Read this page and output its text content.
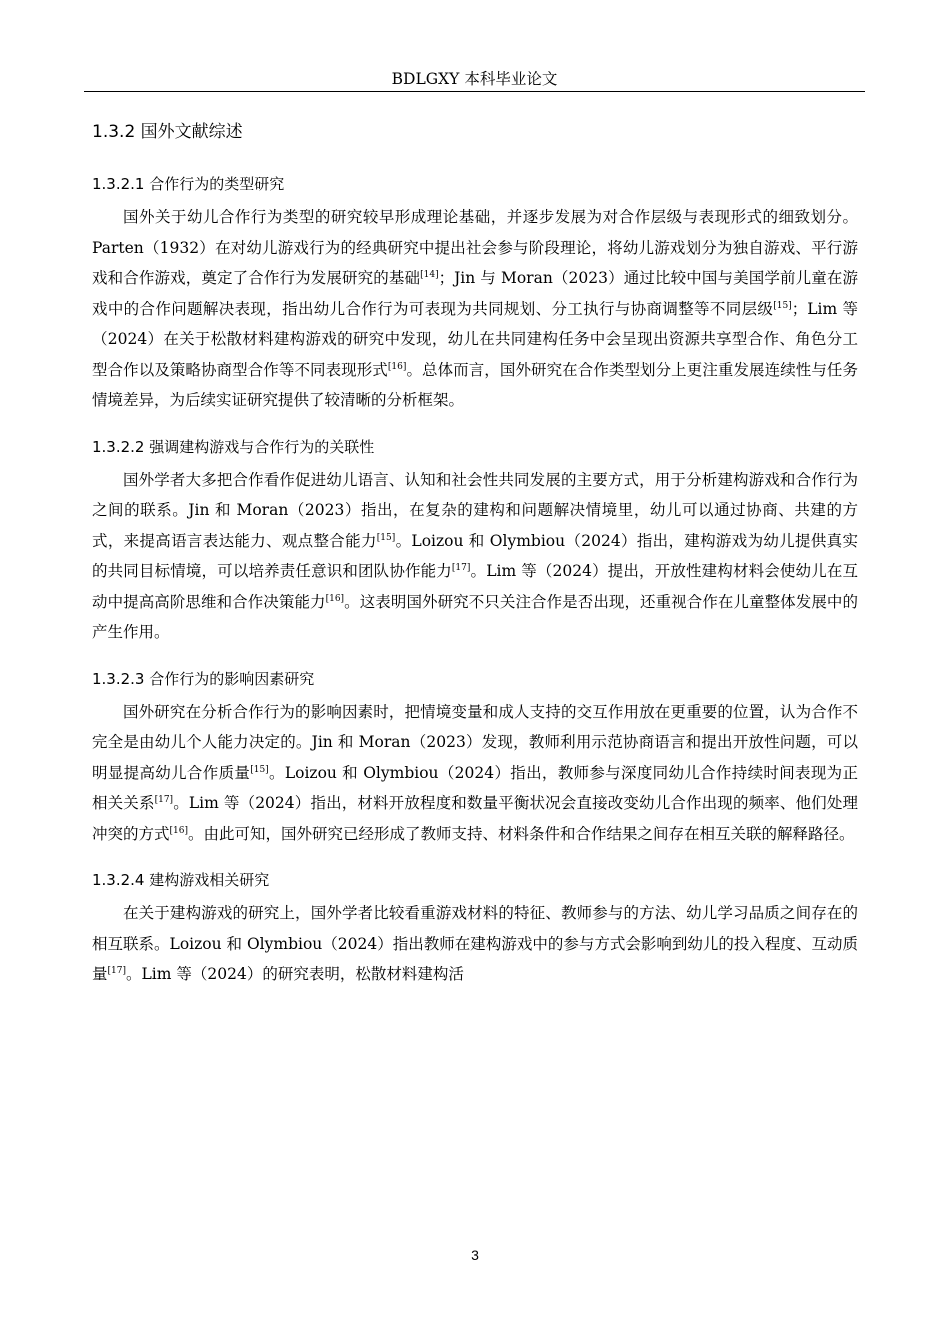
BDLGXY 本科毕业论文
1.3.2 国外文献综述
1.3.2.1 合作行为的类型研究

国外关于幼儿合作行为类型的研究较早形成理论基础，并逐步发展为对合作层级与表现形式的细致划分。Parten（1932）在对幼儿游戏行为的经典研究中提出社会参与阶段理论，将幼儿游戏划分为独自游戏、平行游戏和合作游戏，奠定了合作行为发展研究的基础[14]；Jin 与 Moran（2023）通过比较中国与美国学前儿童在游戏中的合作问题解决表现，指出幼儿合作行为可表现为共同规划、分工执行与协商调整等不同层级[15]；Lim 等（2024）在关于松散材料建构游戏的研究中发现，幼儿在共同建构任务中会呈现出资源共享型合作、角色分工型合作以及策略协商型合作等不同表现形式[16]。总体而言，国外研究在合作类型划分上更注重发展连续性与任务情境差异，为后续实证研究提供了较清晰的分析框架。

1.3.2.2 强调建构游戏与合作行为的关联性

国外学者大多把合作看作促进幼儿语言、认知和社会性共同发展的主要方式，用于分析建构游戏和合作行为之间的联系。Jin 和 Moran（2023）指出，在复杂的建构和问题解决情境里，幼儿可以通过协商、共建的方式，来提高语言表达能力、观点整合能力[15]。Loizou 和 Olymbiou（2024）指出，建构游戏为幼儿提供真实的共同目标情境，可以培养责任意识和团队协作能力[17]。Lim 等（2024）提出，开放性建构材料会使幼儿在互动中提高高阶思维和合作决策能力[16]。这表明国外研究不只关注合作是否出现，还重视合作在儿童整体发展中的产生作用。

1.3.2.3 合作行为的影响因素研究

国外研究在分析合作行为的影响因素时，把情境变量和成人支持的交互作用放在更重要的位置，认为合作不完全是由幼儿个人能力决定的。Jin 和 Moran（2023）发现，教师利用示范协商语言和提出开放性问题，可以明显提高幼儿合作质量[15]。Loizou 和 Olymbiou（2024）指出，教师参与深度同幼儿合作持续时间表现为正相关关系[17]。Lim 等（2024）指出，材料开放程度和数量平衡状况会直接改变幼儿合作出现的频率、他们处理冲突的方式[16]。由此可知，国外研究已经形成了教师支持、材料条件和合作结果之间存在相互关联的解释路径。

1.3.2.4 建构游戏相关研究

在关于建构游戏的研究上，国外学者比较看重游戏材料的特征、教师参与的方法、幼儿学习品质之间存在的相互联系。Loizou 和 Olymbiou（2024）指出教师在建构游戏中的参与方式会影响到幼儿的投入程度、互动质量[17]。Lim 等（2024）的研究表明，松散材料建构活

3
